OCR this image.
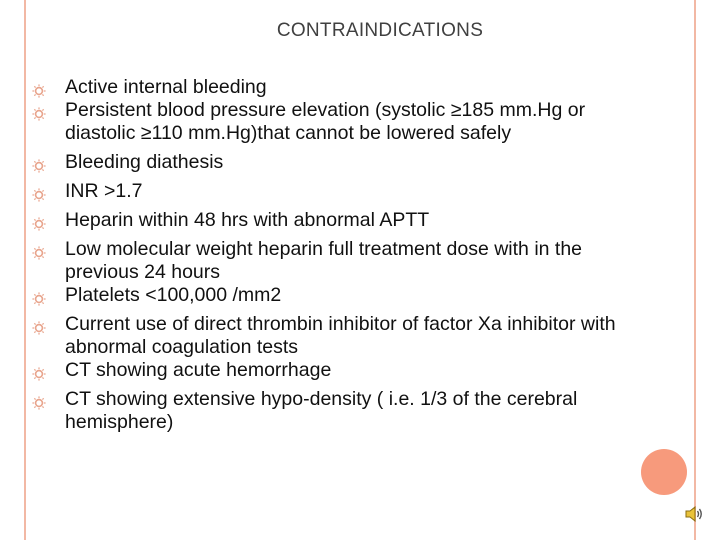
CONTRAINDICATIONS
Active internal bleeding
Persistent blood pressure elevation (systolic ≥185 mm.Hg or diastolic ≥110 mm.Hg)that cannot be lowered safely
Bleeding diathesis
INR >1.7
Heparin within 48 hrs with abnormal APTT
Low molecular weight heparin full treatment dose with in the previous 24 hours
Platelets <100,000 /mm2
Current use of direct thrombin inhibitor of factor Xa inhibitor with abnormal coagulation tests
CT showing acute hemorrhage
CT showing extensive hypo-density ( i.e. 1/3 of the cerebral hemisphere)
